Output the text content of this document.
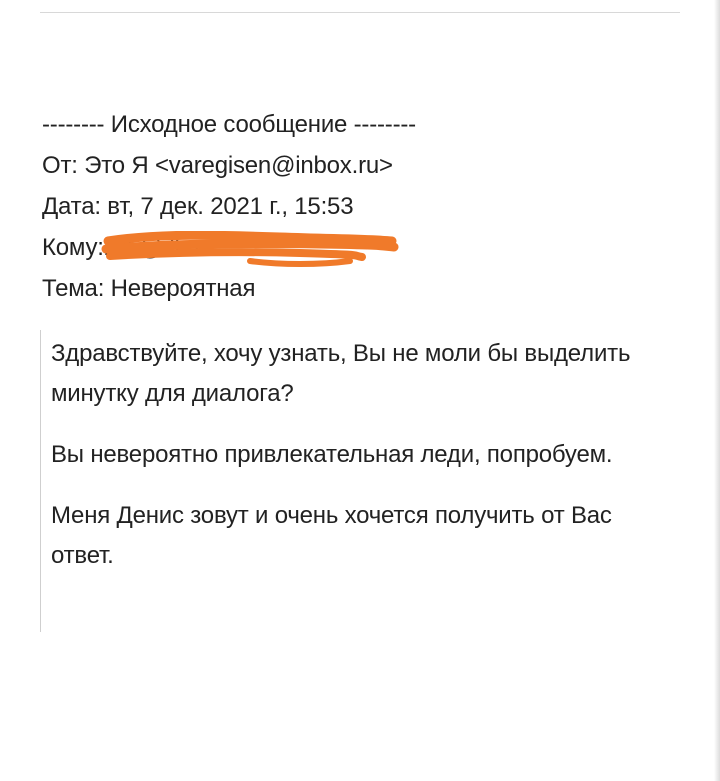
-------- Исходное сообщение --------
От: Это Я <varegisen@inbox.ru>
Дата: вт, 7 дек. 2021 г., 15:53
Кому:k li @ ll n
Тема: Невероятная

Здравствуйте, хочу узнать, Вы не моли бы выделить минутку для диалога?

Вы невероятно привлекательная леди, попробуем.

Меня Денис зовут и очень хочется получить от Вас ответ.
